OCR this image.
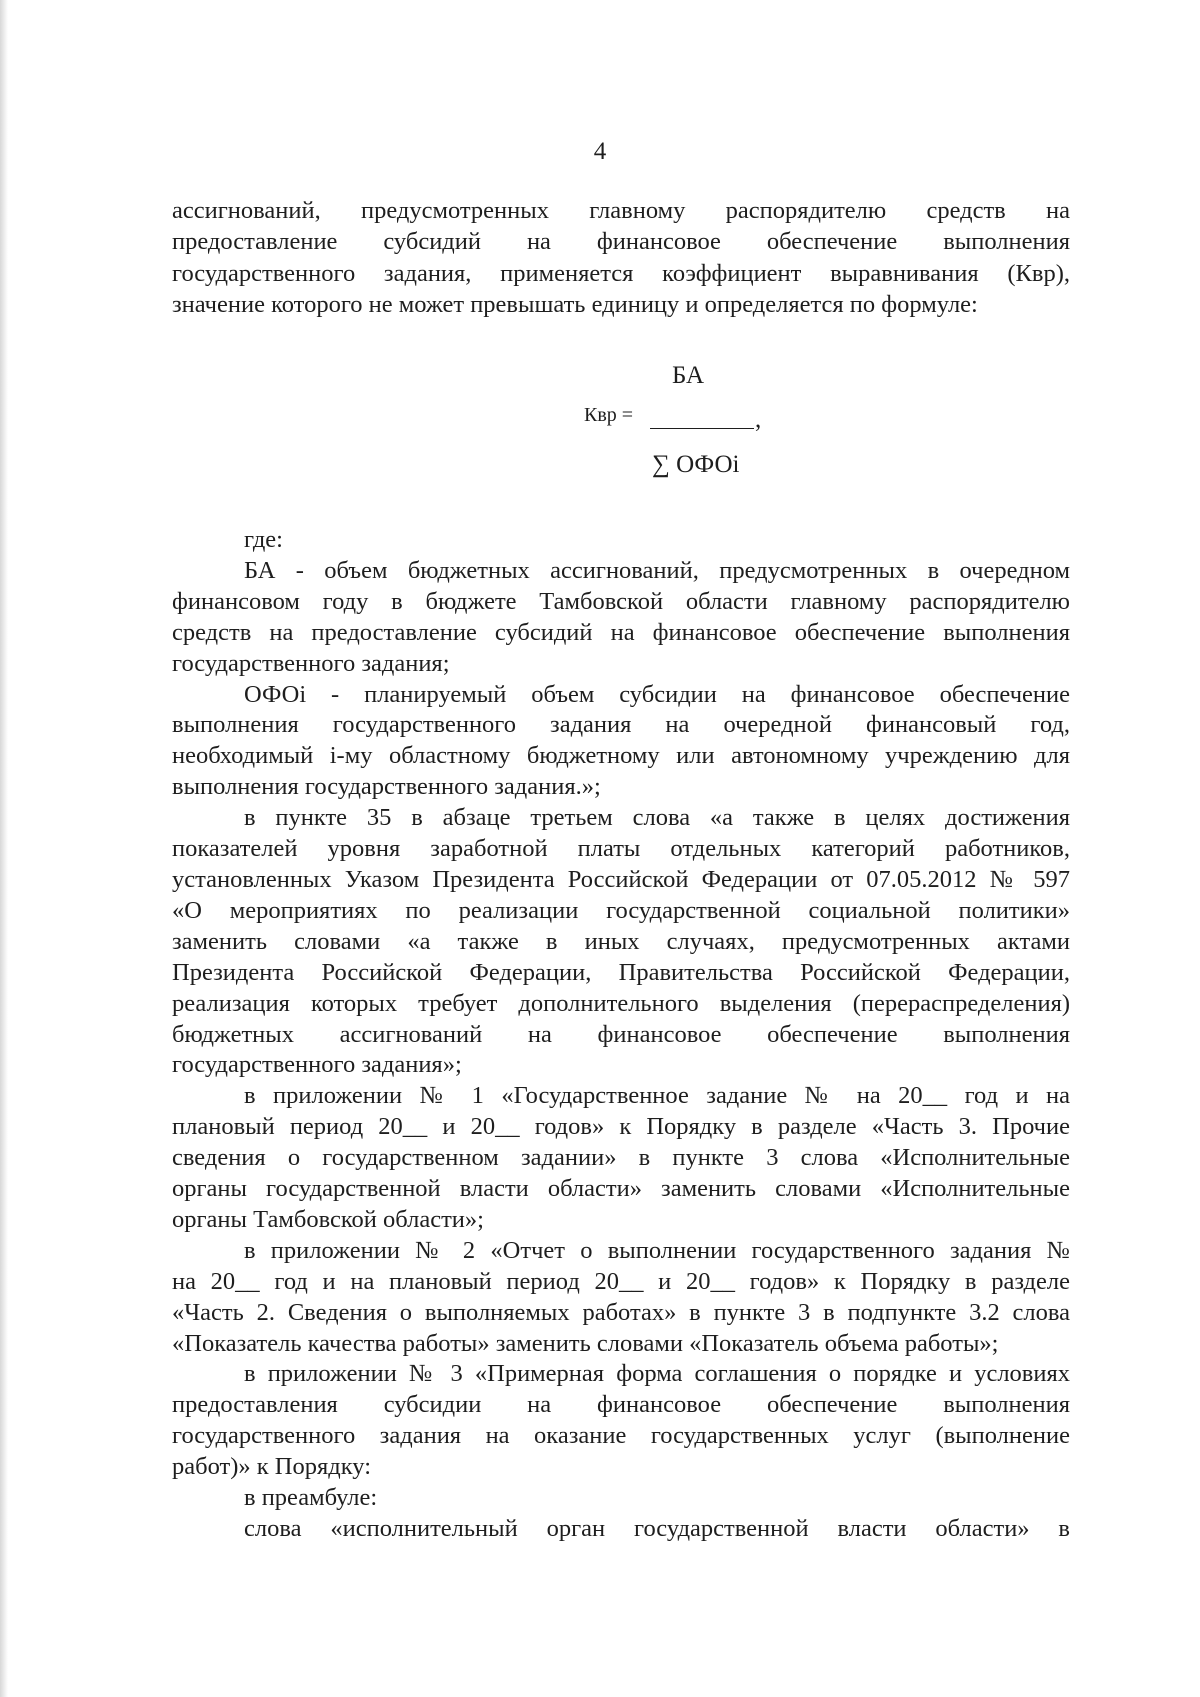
4
ассигнований, предусмотренных главному распорядителю средств на
предоставление субсидий на финансовое обеспечение выполнения
государственного задания, применяется коэффициент выравнивания (Квр),
значение которого не может превышать единицу и определяется по формуле:
БА
Квр =	,
∑ ОФОi

где:

БА - объем бюджетных ассигнований, предусмотренных в очередном
финансовом году в бюджете Тамбовской области главному распорядителю
средств на предоставление субсидий на финансовое обеспечение выполнения
государственного задания;
ОФОi - планируемый объем субсидии на финансовое обеспечение
выполнения государственного задания на очередной финансовый год,
необходимый i-му областному бюджетному или автономному учреждению для
выполнения государственного задания.»;
в пункте 35 в абзаце третьем слова «а также в целях достижения
показателей уровня заработной платы отдельных категорий работников,
установленных Указом Президента Российской Федерации от 07.05.2012 № 597
«О мероприятиях по реализации государственной социальной политики»
заменить словами «а также в иных случаях, предусмотренных актами
Президента Российской Федерации, Правительства Российской Федерации,
реализация которых требует дополнительного выделения (перераспределения)
бюджетных ассигнований на финансовое обеспечение выполнения
государственного задания»;
в приложении № 1 «Государственное задание № на 20__ год и на
плановый период 20__ и 20__ годов» к Порядку в разделе «Часть 3. Прочие
сведения о государственном задании» в пункте 3 слова «Исполнительные
органы государственной власти области» заменить словами «Исполнительные
органы Тамбовской области»;
в приложении № 2 «Отчет о выполнении государственного задания №
на 20__ год и на плановый период 20__ и 20__ годов» к Порядку в разделе
«Часть 2. Сведения о выполняемых работах» в пункте 3 в подпункте 3.2 слова
«Показатель качества работы» заменить словами «Показатель объема работы»;
в приложении № 3 «Примерная форма соглашения о порядке и условиях
предоставления субсидии на финансовое обеспечение выполнения
государственного задания на оказание государственных услуг (выполнение
работ)» к Порядку:
в преамбуле:
слова «исполнительный орган государственной власти области» в
